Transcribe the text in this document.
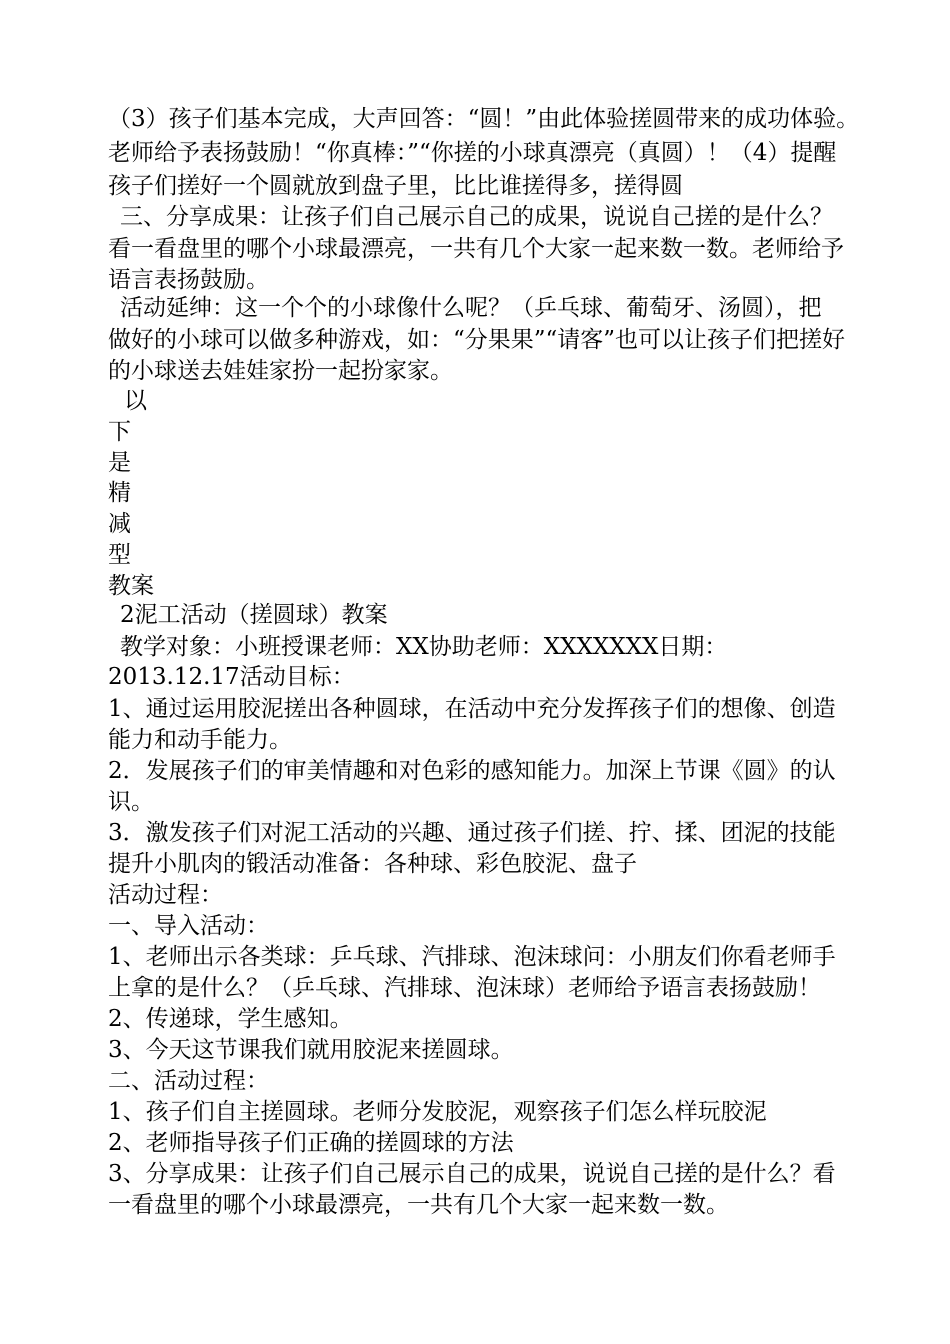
（3）孩子们基本完成，大声回答：“圆！”由此体验搓圆带来的成功体验。
老师给予表扬鼓励！“你真棒：”“你搓的小球真漂亮（真圆）！（4）提醒
孩子们搓好一个圆就放到盘子里，比比谁搓得多，搓得圆
三、分享成果：让孩子们自己展示自己的成果，说说自己搓的是什么？
看一看盘里的哪个小球最漂亮，一共有几个大家一起来数一数。老师给予
语言表扬鼓励。
活动延绅：这一个个的小球像什么呢？（乒乓球、葡萄牙、汤圆），把
做好的小球可以做多种游戏，如：“分果果”“请客”也可以让孩子们把搓好
的小球送去娃娃家扮一起扮家家。
以
下
是
精
减
型
教案
2泥工活动（搓圆球）教案
教学对象：小班授课老师：XX协助老师：XXXXXXX日期：
2013.12.17活动目标：
1、通过运用胶泥搓出各种圆球，在活动中充分发挥孩子们的想像、创造
能力和动手能力。
2．发展孩子们的审美情趣和对色彩的感知能力。加深上节课《圆》的认
识。
3．激发孩子们对泥工活动的兴趣、通过孩子们搓、拧、揉、团泥的技能
提升小肌肉的锻活动准备：各种球、彩色胶泥、盘子
活动过程：
一、导入活动：
1、老师出示各类球：乒乓球、汽排球、泡沫球问：小朋友们你看老师手
上拿的是什么？（乒乓球、汽排球、泡沫球）老师给予语言表扬鼓励！
2、传递球，学生感知。
3、今天这节课我们就用胶泥来搓圆球。
二、活动过程：
1、孩子们自主搓圆球。老师分发胶泥，观察孩子们怎么样玩胶泥
2、老师指导孩子们正确的搓圆球的方法
3、分享成果：让孩子们自己展示自己的成果，说说自己搓的是什么？看
一看盘里的哪个小球最漂亮，一共有几个大家一起来数一数。
